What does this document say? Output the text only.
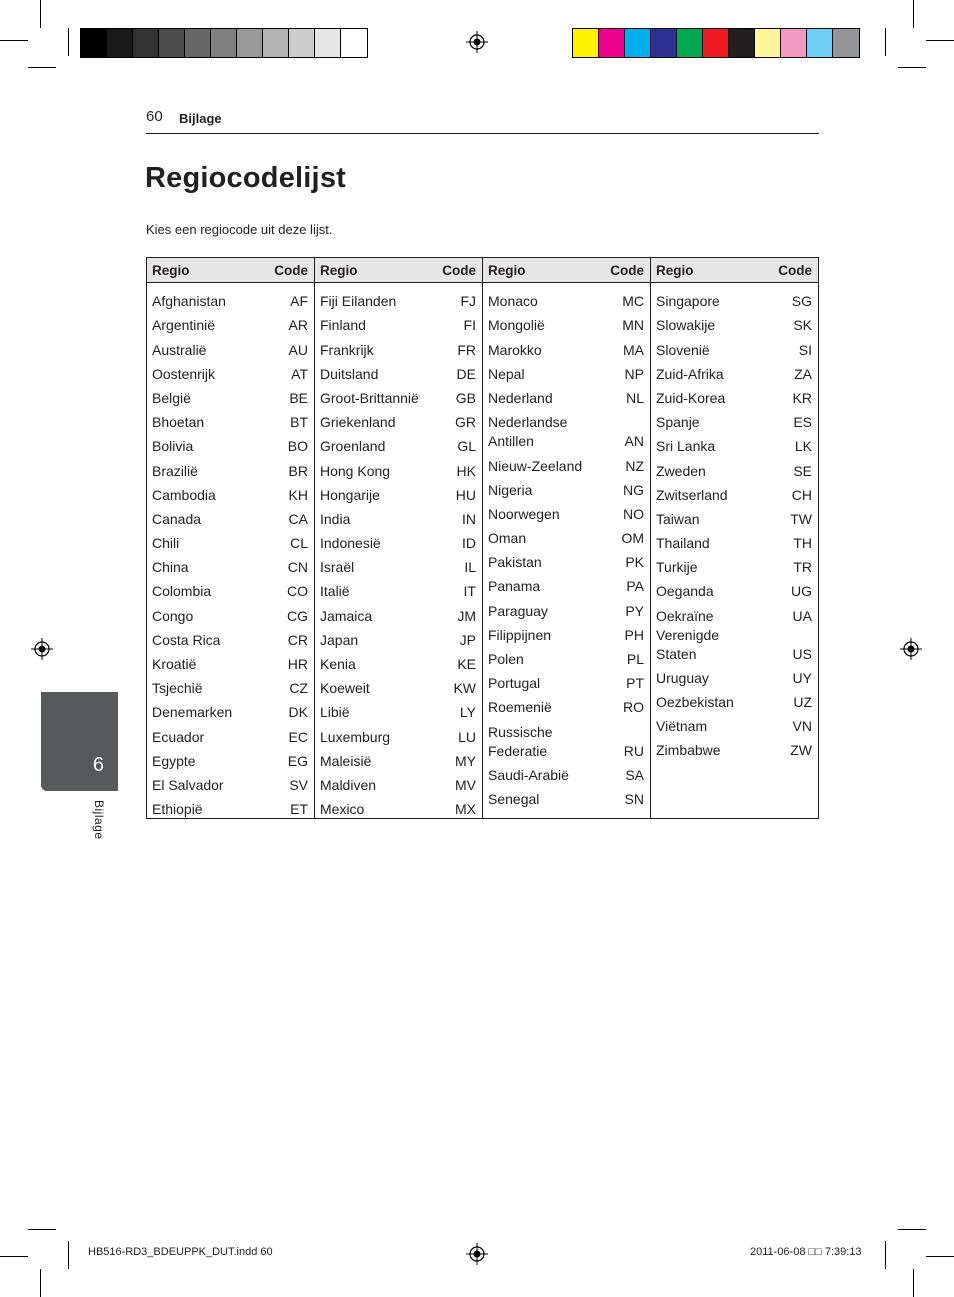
60 Bijlage
Regiocodelijst
Kies een regiocode uit deze lijst.
Regio	Code
Afghanistan	AF
Argentinië	AR
Australië	AU
Oostenrijk	AT
België	BE
Bhoetan	BT
Bolivia	BO
Brazilië	BR
Cambodia	KH
Canada	CA
Chili	CL
China	CN
Colombia	CO
Congo	CG
Costa Rica	CR
Kroatië	HR
Tsjechië	CZ
Denemarken	DK
Ecuador	EC
Egypte	EG
El Salvador	SV
Ethiopië	ET
Regio	Code
Fiji Eilanden	FJ
Finland	FI
Frankrijk	FR
Duitsland	DE
Groot-Brittannië	GB
Griekenland	GR
Groenland	GL
Hong Kong	HK
Hongarije	HU
India	IN
Indonesië	ID
Israël	IL
Italië	IT
Jamaica	JM
Japan	JP
Kenia	KE
Koeweit	KW
Libië	LY
Luxemburg	LU
Maleisië	MY
Maldiven	MV
Mexico	MX
Regio	Code
Monaco	MC
Mongolië	MN
Marokko	MA
Nepal	NP
Nederland	NL
Nederlandse Antillen	AN
Nieuw-Zeeland	NZ
Nigeria	NG
Noorwegen	NO
Oman	OM
Pakistan	PK
Panama	PA
Paraguay	PY
Filippijnen	PH
Polen	PL
Portugal	PT
Roemenië	RO
Russische Federatie	RU
Saudi-Arabië	SA
Senegal	SN
Regio	Code
Singapore	SG
Slowakije	SK
Slovenië	SI
Zuid-Afrika	ZA
Zuid-Korea	KR
Spanje	ES
Sri Lanka	LK
Zweden	SE
Zwitserland	CH
Taiwan	TW
Thailand	TH
Turkije	TR
Oeganda	UG
Oekraïne	UA
Verenigde Staten	US
Uruguay	UY
Oezbekistan	UZ
Viëtnam	VN
Zimbabwe	ZW
6
Bijlage
HB516-RD3_BDEUPPK_DUT.indd 60	2011-06-08 □□ 7:39:13
